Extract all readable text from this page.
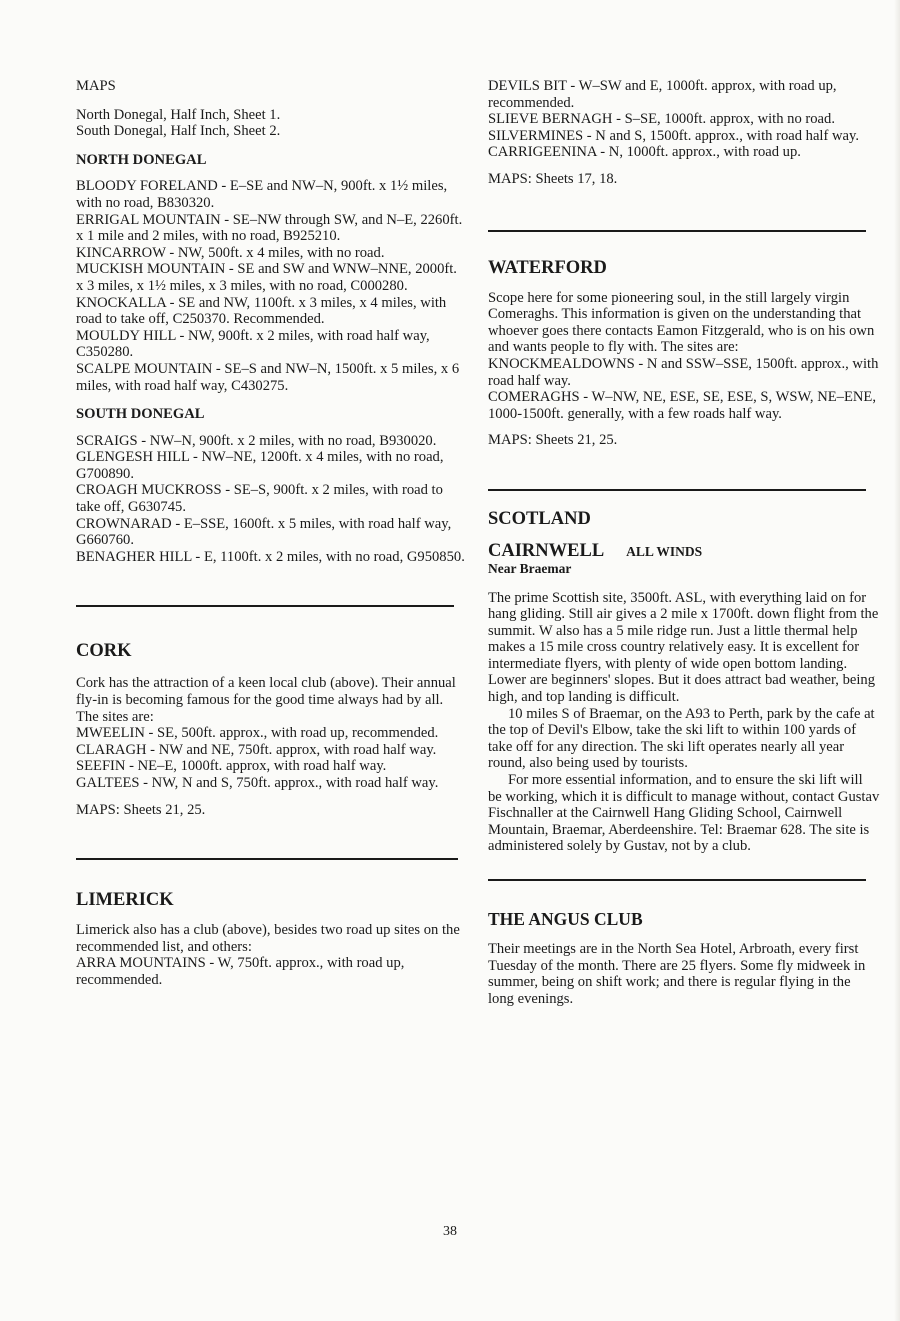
MAPS

North Donegal, Half Inch, Sheet 1.

South Donegal, Half Inch, Sheet 2.

NORTH DONEGAL

BLOODY FORELAND - E–SE and NW–N, 900ft. x 1½ miles, with no road, B830320.

ERRIGAL MOUNTAIN - SE–NW through SW, and N–E, 2260ft. x 1 mile and 2 miles, with no road, B925210.

KINCARROW - NW, 500ft. x 4 miles, with no road.

MUCKISH MOUNTAIN - SE and SW and WNW–NNE, 2000ft. x 3 miles, x 1½ miles, x 3 miles, with no road, C000280.

KNOCKALLA - SE and NW, 1100ft. x 3 miles, x 4 miles, with road to take off, C250370. Recommended.

MOULDY HILL - NW, 900ft. x 2 miles, with road half way, C350280.

SCALPE MOUNTAIN - SE–S and NW–N, 1500ft. x 5 miles, x 6 miles, with road half way, C430275.

SOUTH DONEGAL

SCRAIGS - NW–N, 900ft. x 2 miles, with no road, B930020.

GLENGESH HILL - NW–NE, 1200ft. x 4 miles, with no road, G700890.

CROAGH MUCKROSS - SE–S, 900ft. x 2 miles, with road to take off, G630745.

CROWNARAD - E–SSE, 1600ft. x 5 miles, with road half way, G660760.

BENAGHER HILL - E, 1100ft. x 2 miles, with no road, G950850.

CORK

Cork has the attraction of a keen local club (above). Their annual fly-in is becoming famous for the good time always had by all. The sites are:

MWEELIN - SE, 500ft. approx., with road up, recommended.

CLARAGH - NW and NE, 750ft. approx, with road half way.

SEEFIN - NE–E, 1000ft. approx, with road half way.

GALTEES - NW, N and S, 750ft. approx., with road half way.

MAPS: Sheets 21, 25.

LIMERICK

Limerick also has a club (above), besides two road up sites on the recommended list, and others:

ARRA MOUNTAINS - W, 750ft. approx., with road up, recommended.

DEVILS BIT - W–SW and E, 1000ft. approx, with road up, recommended.

SLIEVE BERNAGH - S–SE, 1000ft. approx, with no road.

SILVERMINES - N and S, 1500ft. approx., with road half way.

CARRIGEENINA - N, 1000ft. approx., with road up.

MAPS: Sheets 17, 18.

WATERFORD

Scope here for some pioneering soul, in the still largely virgin Comeraghs. This information is given on the understanding that whoever goes there contacts Eamon Fitzgerald, who is on his own and wants people to fly with. The sites are:

KNOCKMEALDOWNS - N and SSW–SSE, 1500ft. approx., with road half way.

COMERAGHS - W–NW, NE, ESE, SE, ESE, S, WSW, NE–ENE, 1000-1500ft. generally, with a few roads half way.

MAPS: Sheets 21, 25.

SCOTLAND

CAIRNWELL ALL WINDS

Near Braemar

The prime Scottish site, 3500ft. ASL, with everything laid on for hang gliding. Still air gives a 2 mile x 1700ft. down flight from the summit. W also has a 5 mile ridge run. Just a little thermal help makes a 15 mile cross country relatively easy. It is excellent for intermediate flyers, with plenty of wide open bottom landing. Lower are beginners' slopes. But it does attract bad weather, being high, and top landing is difficult.

10 miles S of Braemar, on the A93 to Perth, park by the cafe at the top of Devil's Elbow, take the ski lift to within 100 yards of take off for any direction. The ski lift operates nearly all year round, also being used by tourists.

For more essential information, and to ensure the ski lift will be working, which it is difficult to manage without, contact Gustav Fischnaller at the Cairnwell Hang Gliding School, Cairnwell Mountain, Braemar, Aberdeenshire. Tel: Braemar 628. The site is administered solely by Gustav, not by a club.

THE ANGUS CLUB

Their meetings are in the North Sea Hotel, Arbroath, every first Tuesday of the month. There are 25 flyers. Some fly midweek in summer, being on shift work; and there is regular flying in the long evenings.

38
